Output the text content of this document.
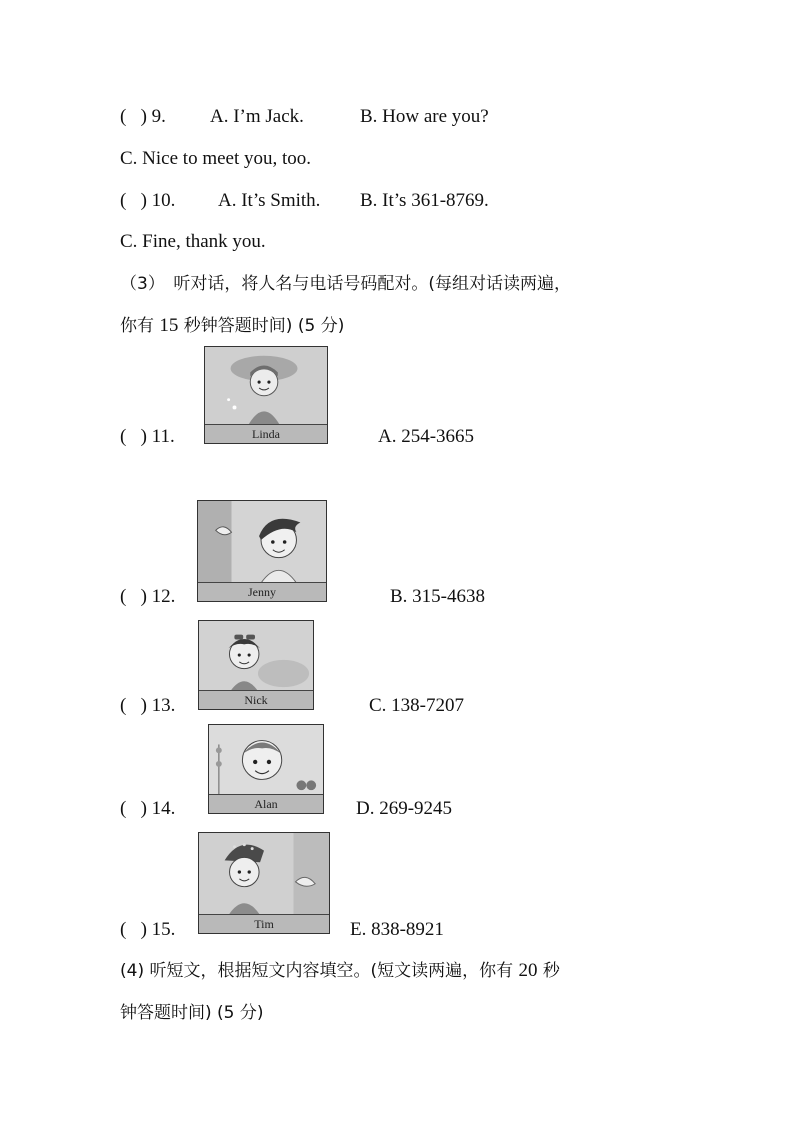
(   ) 9. A. I’m Jack.	B. How are you?
C. Nice to meet you, too.
(   ) 10. A. It’s Smith. B. It’s 361-8769.
C. Fine, thank you.
（3）　听对话，将人名与电话号码配对。(每组对话读两遍，
你有 15 秒钟答题时间) (5 分)
Linda
(   ) 11.	A. 254-3665
Jenny
(   ) 12.	B. 315-4638
Nick
(   ) 13.	C. 138-7207
Alan
(   ) 14.	D. 269-9245
Tim
(   ) 15.	E. 838-8921
(4) 听短文，根据短文内容填空。(短文读两遍，你有 20 秒
钟答题时间) (5 分)
